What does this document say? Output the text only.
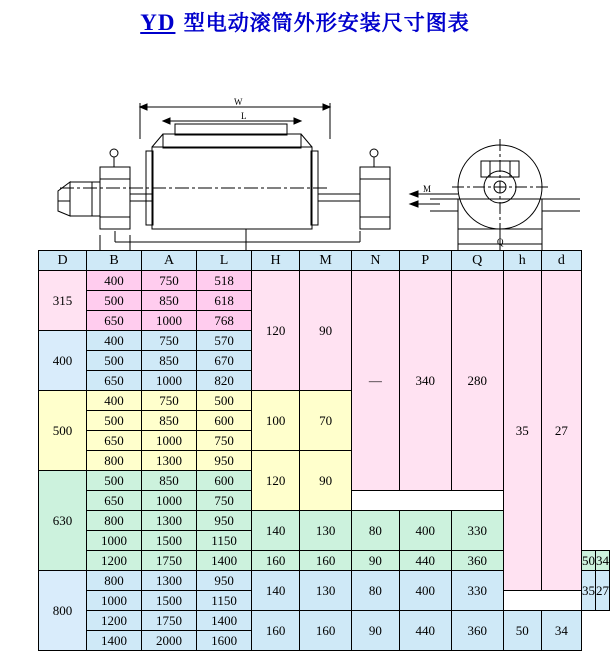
YD 型电动滚筒外形安装尺寸图表
W
L
Q
M
D	B	A	L	H	M	N	P	Q	h	d		
315	400	750	518	120	90	—	340	280	35	27		
	500	850	618									
	650	1000	768									
400	400	750	570									
	500	850	670									
	650	1000	820									
500	400	750	500	100	70							
	500	850	600									
	650	1000	750									
	800	1300	950	120	90							
630	500	850	600									
	650	1000	750									
	800	1300	950	140	130	80	400	330				
	1000	1500	1150									
	1200	1750	1400	160	160	90	440	360			50	34
800	800	1300	950	140	130	80	400	330			35	27
	1000	1500	1150									
	1200	1750	1400	160	160	90	440	360	50	34		
	1400	2000	1600									
